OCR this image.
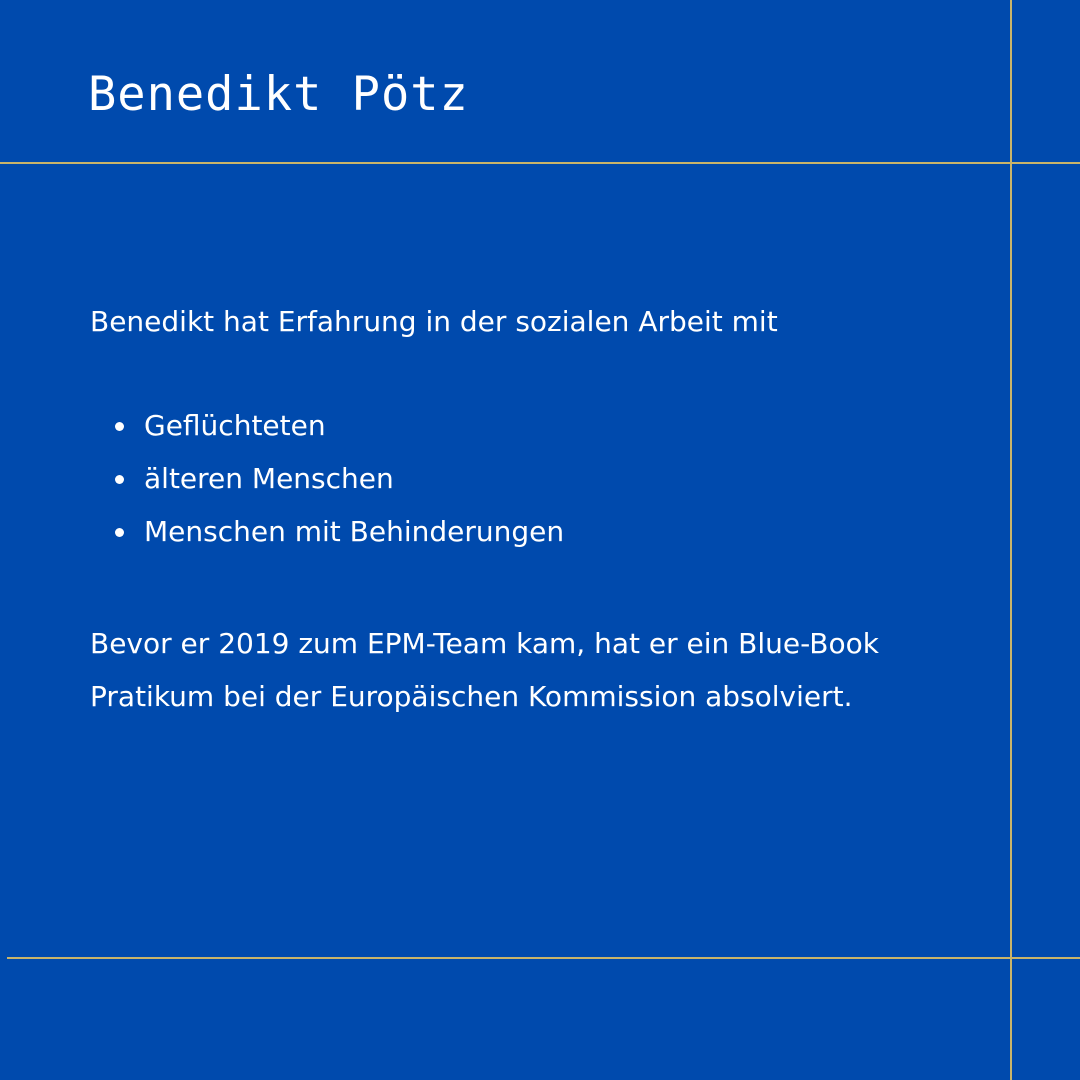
Benedikt Pötz

Benedikt hat Erfahrung in der sozialen Arbeit mit

Geflüchteten
älteren Menschen
Menschen mit Behinderungen

Bevor er 2019 zum EPM-Team kam, hat er ein Blue-Book Pratikum bei der Europäischen Kommission absolviert.
